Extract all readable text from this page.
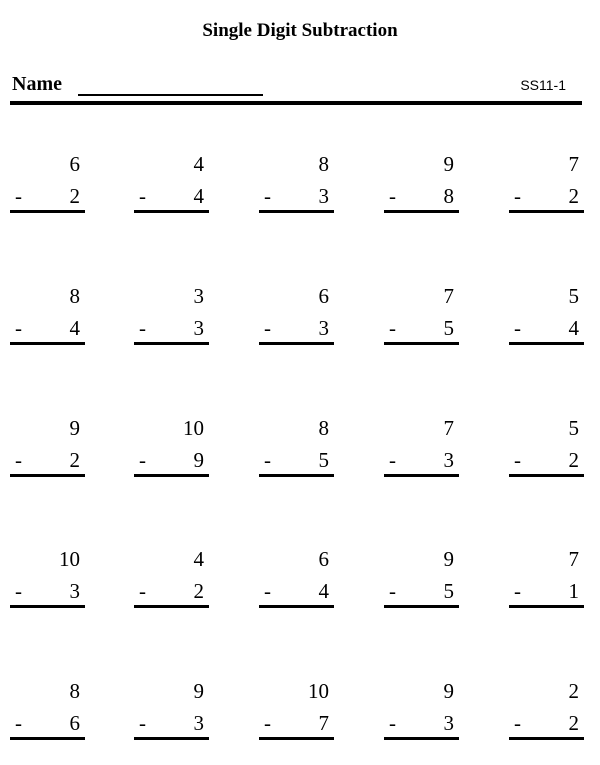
Single Digit Subtraction
Name	SS11-1
6
- 2
4
- 4
8
- 3
9
- 8
7
- 2
8
- 4
3
- 3
6
- 3
7
- 5
5
- 4
9
- 2
10
- 9
8
- 5
7
- 3
5
- 2
10
- 3
4
- 2
6
- 4
9
- 5
7
- 1
8
- 6
9
- 3
10
- 7
9
- 3
2
- 2
